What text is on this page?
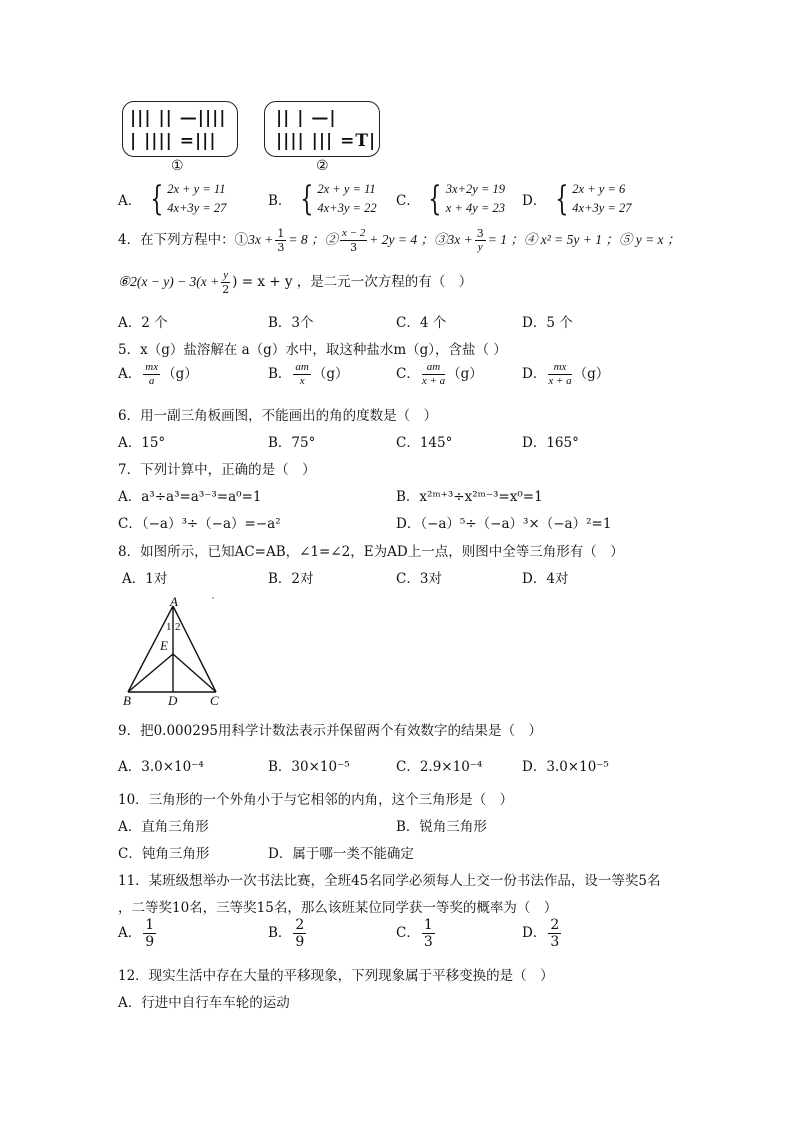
||| || —||||
| |||| =|||
①
|| | —|
|||| ||| =T|
②
A． { 2x + y = 11
4x+3y = 27	B． { 2x + y = 11
4x+3y = 22 C． { 3x+2y = 19
x + 4y = 23 D． { 2x + y = 6
4x+3y = 27
4．在下列方程中：①3x + $\frac{1}{3} = 8$ ；② $\frac{x - 2}{3} + 2y = 4$ ；③3x + $\frac{3}{y} = 1$ ；④ x² = 5y + 1 ；⑤ y = x ；
⑥2(x − $y) - 3(x + \frac{y}{2}$ ) = x + y ，是二元一次方程的有（　）
A．2 个	B．3个	C．4 个	D．5 个
5．x（g）盐溶解在 a（g）水中，取这种盐水m（g），含盐（ ）
A． $\frac{mx}{a} (g)$	B． $\frac{am}{x} (g)$	C． $\frac{am}{x + a} (g)$	D． $\frac{mx}{x + a} (g)$
6．用一副三角板画图，不能画出的角的度数是（　）
A．15°	B．75°	C．145°	D．165°
7．下列计算中，正确的是（　）
A．a³÷a³=a³⁻³=a⁰=1	B．x²ᵐ⁺³÷x²ᵐ⁻³=x⁰=1
C．（−a）³÷（−a）=−a²	D．（−a）⁵÷（−a）³×（−a）²=1
8．如图所示，已知AC=AB，∠1=∠2，E为AD上一点，则图中全等三角形有（　）
A．1对	B．2对	C．3对	D．4对
A
E
B	D	C
1 2
9．把0.000295用科学计数法表示并保留两个有效数字的结果是（　）
A．3.0×10⁻⁴	B．30×10⁻⁵	C．2.9×10⁻⁴	D．3.0×10⁻⁵
10．三角形的一个外角小于与它相邻的内角，这个三角形是（　）
A．直角三角形	B．锐角三角形
C．钝角三角形	D．属于哪一类不能确定
11．某班级想举办一次书法比赛，全班45名同学必须每人上交一份书法作品，设一等奖5名
，二等奖10名，三等奖15名，那么该班某位同学获一等奖的概率为（　）
A． $\frac{1}{9}$	B． $\frac{2}{9}$	C． $\frac{1}{3}$	D． $\frac{2}{3}$
12．现实生活中存在大量的平移现象，下列现象属于平移变换的是（　）
A．行进中自行车车轮的运动
